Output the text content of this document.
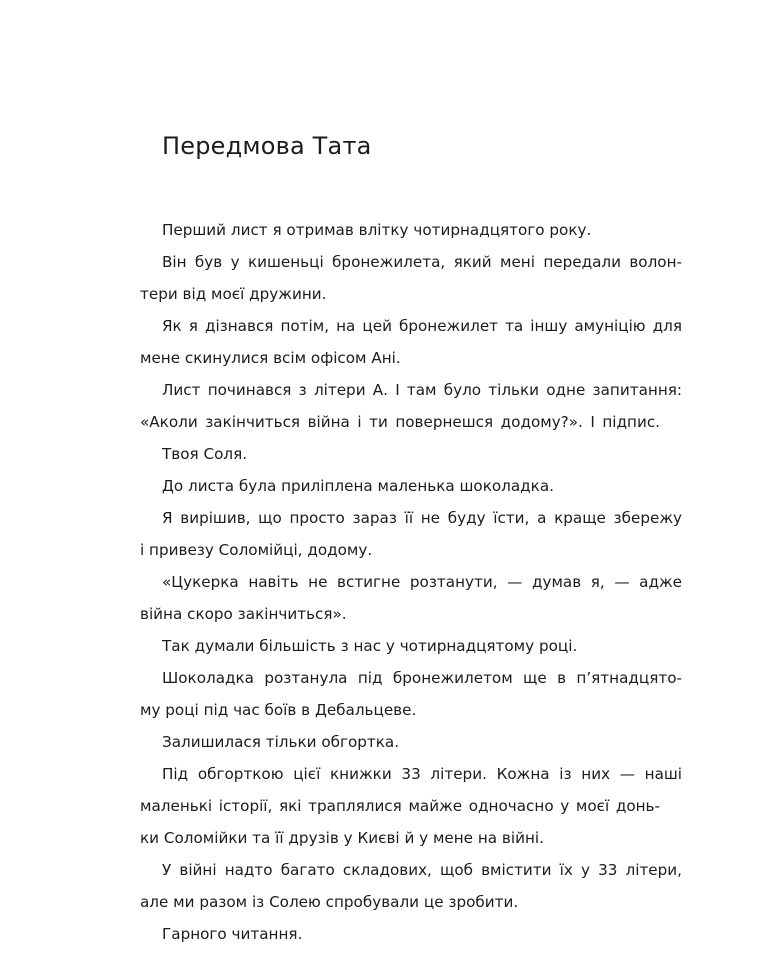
Передмова Тата
Перший лист я отримав влітку чотирнадцятого року.
Він був у кишеньці бронежилета, який мені передали волон-
тери від моєї дружини.
Як я дізнався потім, на цей бронежилет та іншу амуніцію для
мене скинулися всім офісом Ані.
Лист починався з літери А. І там було тільки одне запитання:
«Аколи закінчиться війна і ти повернешся додому?». І підпис.
Твоя Соля.
До листа була приліплена маленька шоколадка.
Я вирішив, що просто зараз її не буду їсти, а краще збережу
і привезу Соломійці, додому.
«Цукерка навіть не встигне розтанути, — думав я, — адже
війна скоро закінчиться».
Так думали більшість з нас у чотирнадцятому році.
Шоколадка розтанула під бронежилетом ще в п’ятнадцято-
му році під час боїв в Дебальцеве.
Залишилася тільки обгортка.
Під обгорткою цієї книжки 33 літери. Кожна із них — наші
маленькі історії, які траплялися майже одночасно у моєї донь-
ки Соломійки та її друзів у Києві й у мене на війні.
У війні надто багато складових, щоб вмістити їх у 33 літери,
але ми разом із Солею спробували це зробити.
Гарного читання.
